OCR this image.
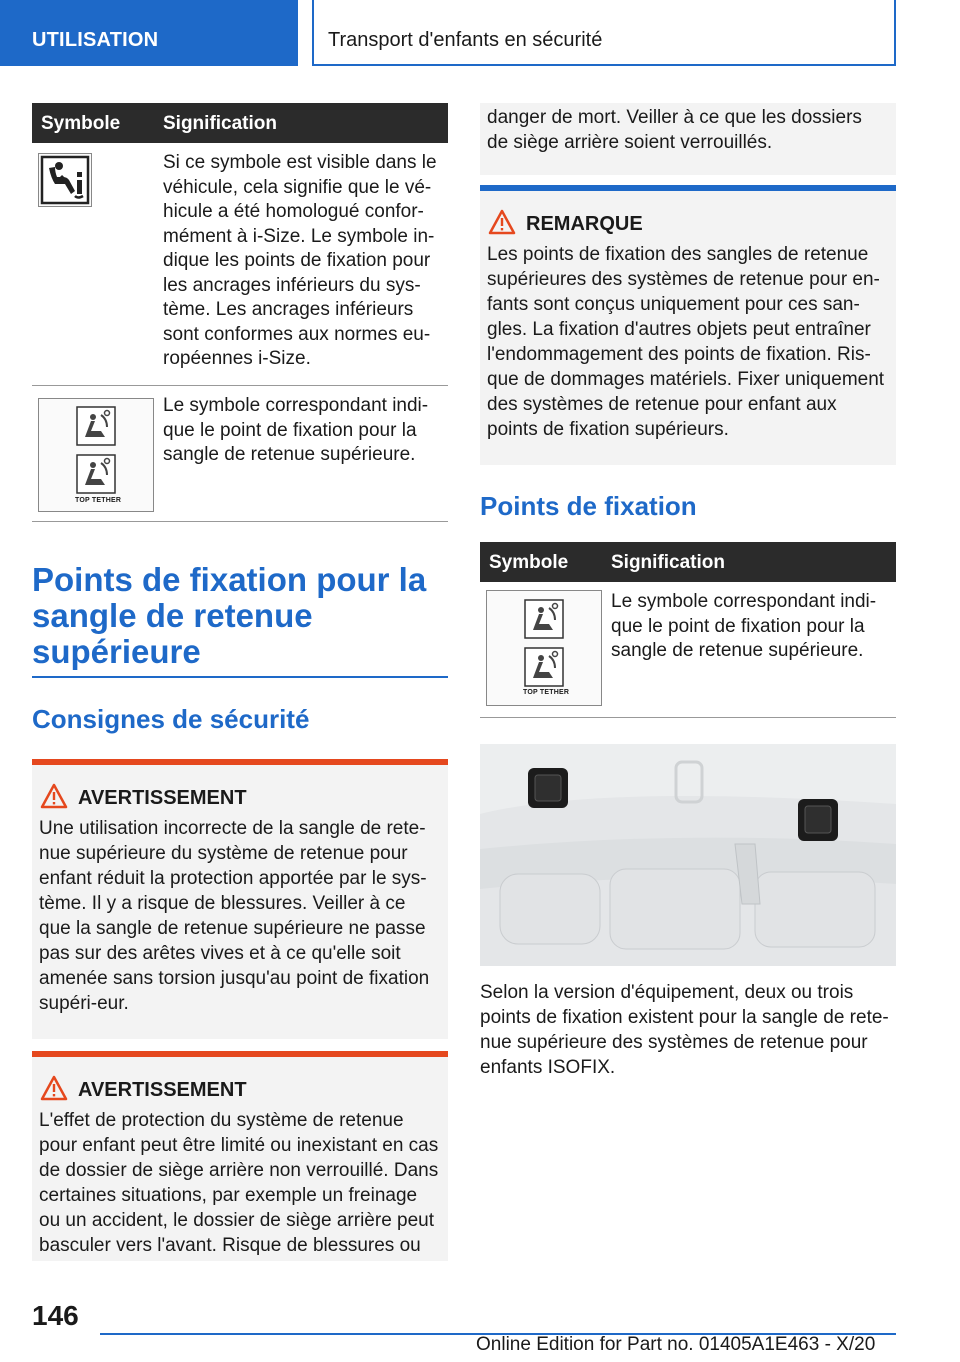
UTILISATION	Transport d'enfants en sécurité
Symbole Signification
Si ce symbole est visible dans le véhicule, cela signifie que le vé-hicule a été homologué confor-mément à i-Size. Le symbole in-dique les points de fixation pour les ancrages inférieurs du sys-tème. Les ancrages inférieurs sont conformes aux normes eu-ropéennes i-Size.
TOP TETHER
Le symbole correspondant indi-que le point de fixation pour la sangle de retenue supérieure.
Points de fixation pour la sangle de retenue supérieure
Consignes de sécurité
AVERTISSEMENT

Une utilisation incorrecte de la sangle de rete-nue supérieure du système de retenue pour enfant réduit la protection apportée par le sys-tème. Il y a risque de blessures. Veiller à ce que la sangle de retenue supérieure ne passe pas sur des arêtes vives et à ce qu'elle soit amenée sans torsion jusqu'au point de fixation supéri-eur.

AVERTISSEMENT

L'effet de protection du système de retenue pour enfant peut être limité ou inexistant en cas de dossier de siège arrière non verrouillé. Dans certaines situations, par exemple un freinage ou un accident, le dossier de siège arrière peut basculer vers l'avant. Risque de blessures ou

danger de mort. Veiller à ce que les dossiers de siège arrière soient verrouillés.

REMARQUE

Les points de fixation des sangles de retenue supérieures des systèmes de retenue pour en-fants sont conçus uniquement pour ces san-gles. La fixation d'autres objets peut entraîner l'endommagement des points de fixation. Ris-que de dommages matériels. Fixer uniquement des systèmes de retenue pour enfant aux points de fixation supérieurs.

Points de fixation
Symbole Signification
TOP TETHER
Le symbole correspondant indi-que le point de fixation pour la sangle de retenue supérieure.

Selon la version d'équipement, deux ou trois points de fixation existent pour la sangle de rete-nue supérieure des systèmes de retenue pour enfants ISOFIX.

146
Online Edition for Part no. 01405A1E463 - X/20
